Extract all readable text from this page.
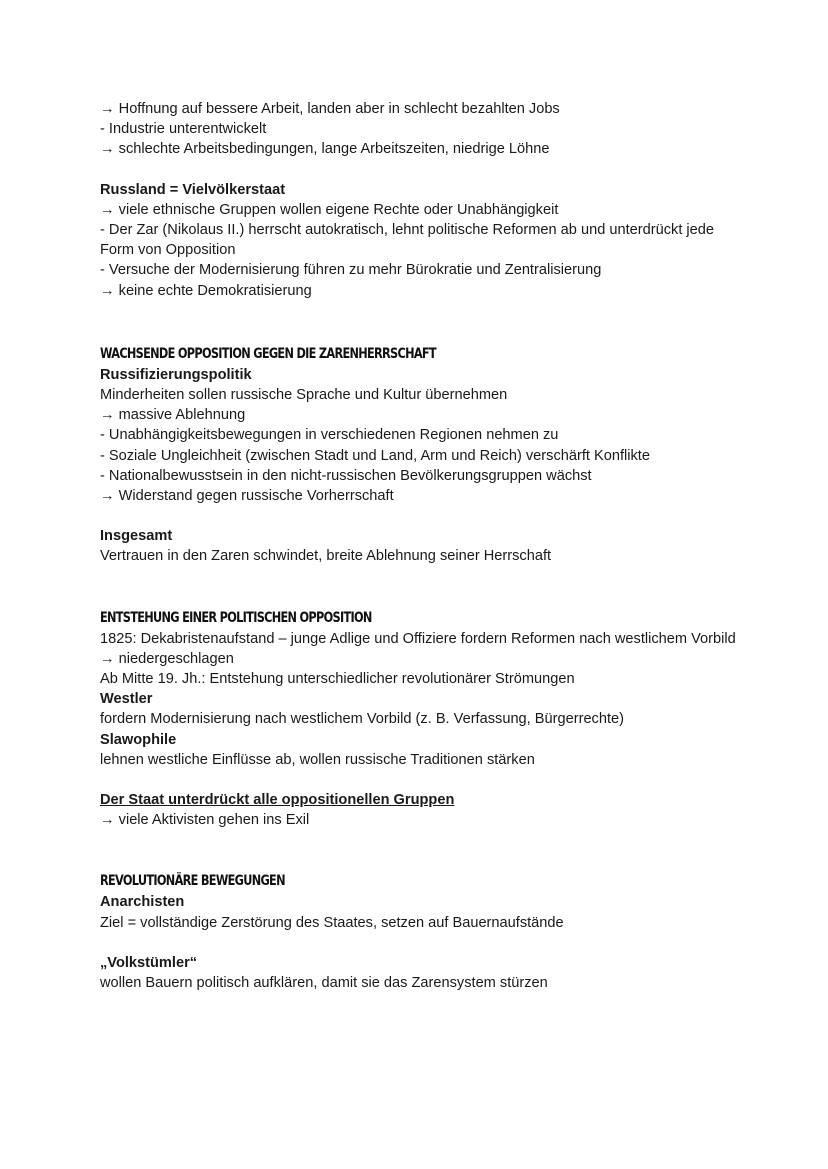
→ Hoffnung auf bessere Arbeit, landen aber in schlecht bezahlten Jobs

- Industrie unterentwickelt

→ schlechte Arbeitsbedingungen, lange Arbeitszeiten, niedrige Löhne

Russland = Vielvölkerstaat

→ viele ethnische Gruppen wollen eigene Rechte oder Unabhängigkeit

- Der Zar (Nikolaus II.) herrscht autokratisch, lehnt politische Reformen ab und unterdrückt jede Form von Opposition

- Versuche der Modernisierung führen zu mehr Bürokratie und Zentralisierung

→ keine echte Demokratisierung

WACHSENDE OPPOSITION GEGEN DIE ZARENHERRSCHAFT

Russifizierungspolitik

Minderheiten sollen russische Sprache und Kultur übernehmen

→ massive Ablehnung

- Unabhängigkeitsbewegungen in verschiedenen Regionen nehmen zu

- Soziale Ungleichheit (zwischen Stadt und Land, Arm und Reich) verschärft Konflikte

- Nationalbewusstsein in den nicht-russischen Bevölkerungsgruppen wächst

→ Widerstand gegen russische Vorherrschaft

Insgesamt

Vertrauen in den Zaren schwindet, breite Ablehnung seiner Herrschaft

ENTSTEHUNG EINER POLITISCHEN OPPOSITION

1825: Dekabristenaufstand – junge Adlige und Offiziere fordern Reformen nach westlichem Vorbild

→ niedergeschlagen

Ab Mitte 19. Jh.: Entstehung unterschiedlicher revolutionärer Strömungen

Westler

fordern Modernisierung nach westlichem Vorbild (z. B. Verfassung, Bürgerrechte)

Slawophile

lehnen westliche Einflüsse ab, wollen russische Traditionen stärken

Der Staat unterdrückt alle oppositionellen Gruppen

→ viele Aktivisten gehen ins Exil

REVOLUTIONÄRE BEWEGUNGEN

Anarchisten

Ziel = vollständige Zerstörung des Staates, setzen auf Bauernaufstände

„Volkstümler“

wollen Bauern politisch aufklären, damit sie das Zarensystem stürzen
